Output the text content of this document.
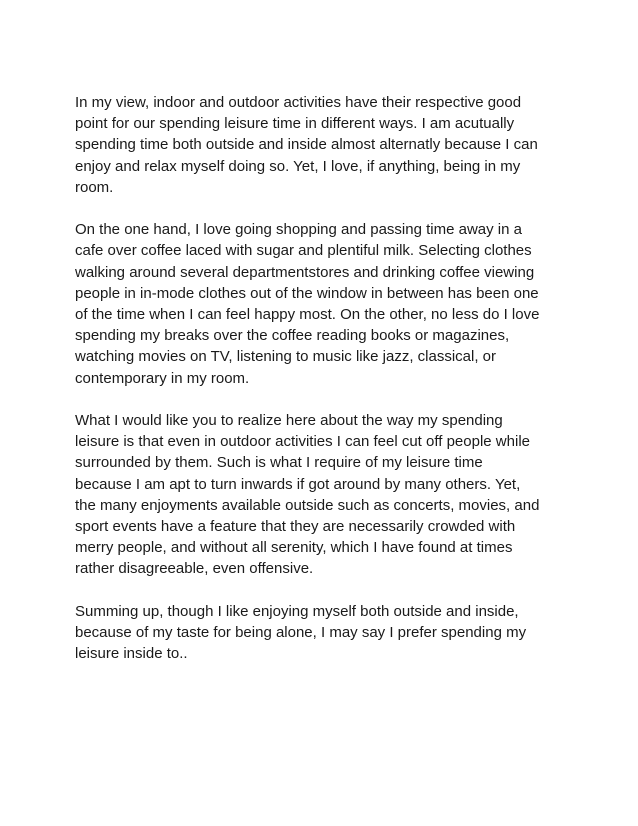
In my view, indoor and outdoor activities have their respective good
point for our spending leisure time in different ways. I am acutually
spending time both outside and inside almost alternatly because I can
enjoy and relax myself doing so. Yet, I love, if anything, being in my
room.

On the one hand, I love going shopping and passing time away in a
cafe over coffee laced with sugar and plentiful milk. Selecting clothes
walking around several departmentstores and drinking coffee viewing
people in in-mode clothes out of the window in between has been one
of the time when I can feel happy most. On the other, no less do I love
spending my breaks over the coffee reading books or magazines,
watching movies on TV, listening to music like jazz, classical, or
contemporary in my room.

What I would like you to realize here about the way my spending
leisure is that even in outdoor activities I can feel cut off people while
surrounded by them. Such is what I require of my leisure time
because I am apt to turn inwards if got around by many others. Yet,
the many enjoyments available outside such as concerts, movies, and
sport events have a feature that they are necessarily crowded with
merry people, and without all serenity, which I have found at times
rather disagreeable, even offensive.

Summing up, though I like enjoying myself both outside and inside,
because of my taste for being alone, I may say I prefer spending my
leisure inside to..
